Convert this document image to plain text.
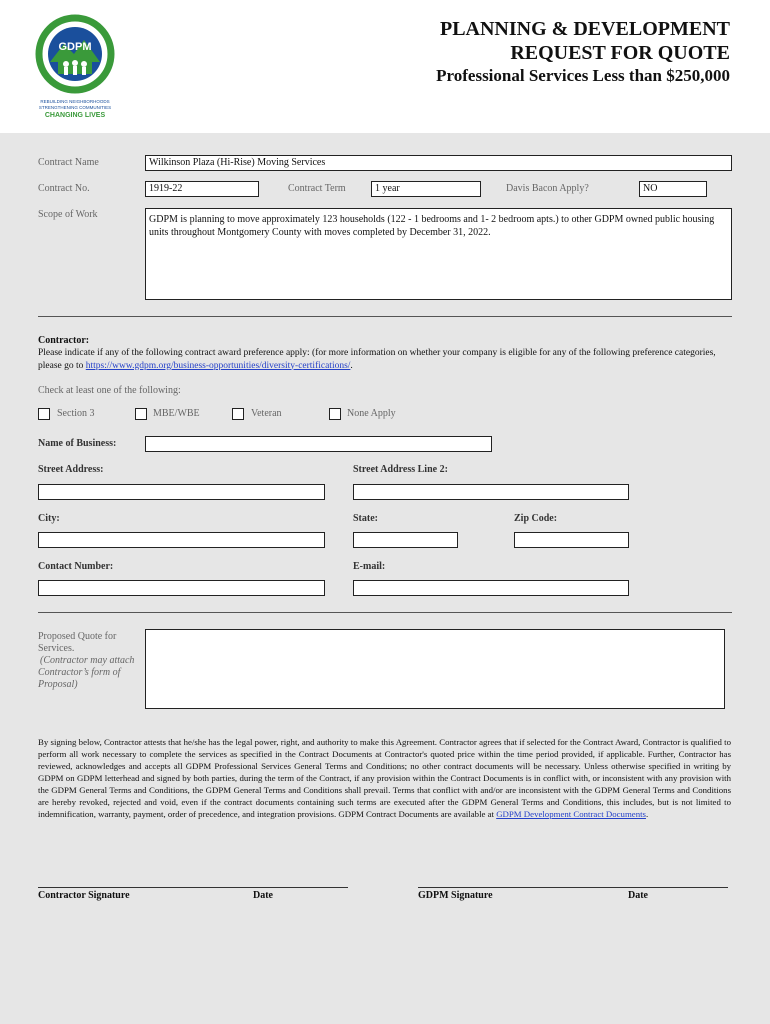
GDPM
REBUILDING NEIGHBORHOODS
STRENGTHENING COMMUNITIES
CHANGING LIVES
PLANNING & DEVELOPMENT
REQUEST FOR QUOTE
Professional Services Less than $250,000
Contract Name	Wilkinson Plaza (Hi-Rise) Moving Services
Contract No.	1919-22	Contract Term	1 year	Davis Bacon Apply?	NO
Scope of Work	GDPM is planning to move approximately 123 households (122 - 1 bedrooms and 1- 2 bedroom apts.) to other GDPM owned public housing units throughout Montgomery County with moves completed by December 31, 2022.
Contractor:
Please indicate if any of the following contract award preference apply: (for more information on whether your company is eligible for any of the following preference categories, please go to https://www.gdpm.org/business-opportunities/diversity-certifications/.
Check at least one of the following:
Section 3	MBE/WBE	Veteran	None Apply
Name of Business:
Street Address:	Street Address Line 2:
City:	State:	Zip Code:
Contact Number:	E-mail:
Proposed Quote for
Services.
(Contractor may attach
Contractor’s form of
Proposal)
By signing below, Contractor attests that he/she has the legal power, right, and authority to make this Agreement. Contractor agrees that if selected for the Contract Award, Contractor is qualified to perform all work necessary to complete the services as specified in the Contract Documents at Contractor's quoted price within the time period provided, if applicable. Further, Contractor has reviewed, acknowledges and accepts all GDPM Professional Services General Terms and Conditions; no other contract documents will be necessary. Unless otherwise specified in writing by GDPM on GDPM letterhead and signed by both parties, during the term of the Contract, if any provision within the Contract Documents is in conflict with, or inconsistent with any provision with the GDPM General Terms and Conditions, the GDPM General Terms and Conditions shall prevail. Terms that conflict with and/or are inconsistent with the GDPM General Terms and Conditions are hereby revoked, rejected and void, even if the contract documents containing such terms are executed after the GDPM General Terms and Conditions, this includes, but is not limited to indemnification, warranty, payment, order of precedence, and integration provisions. GDPM Contract Documents are available at GDPM Development Contract Documents.
Contractor Signature	Date	GDPM Signature	Date
